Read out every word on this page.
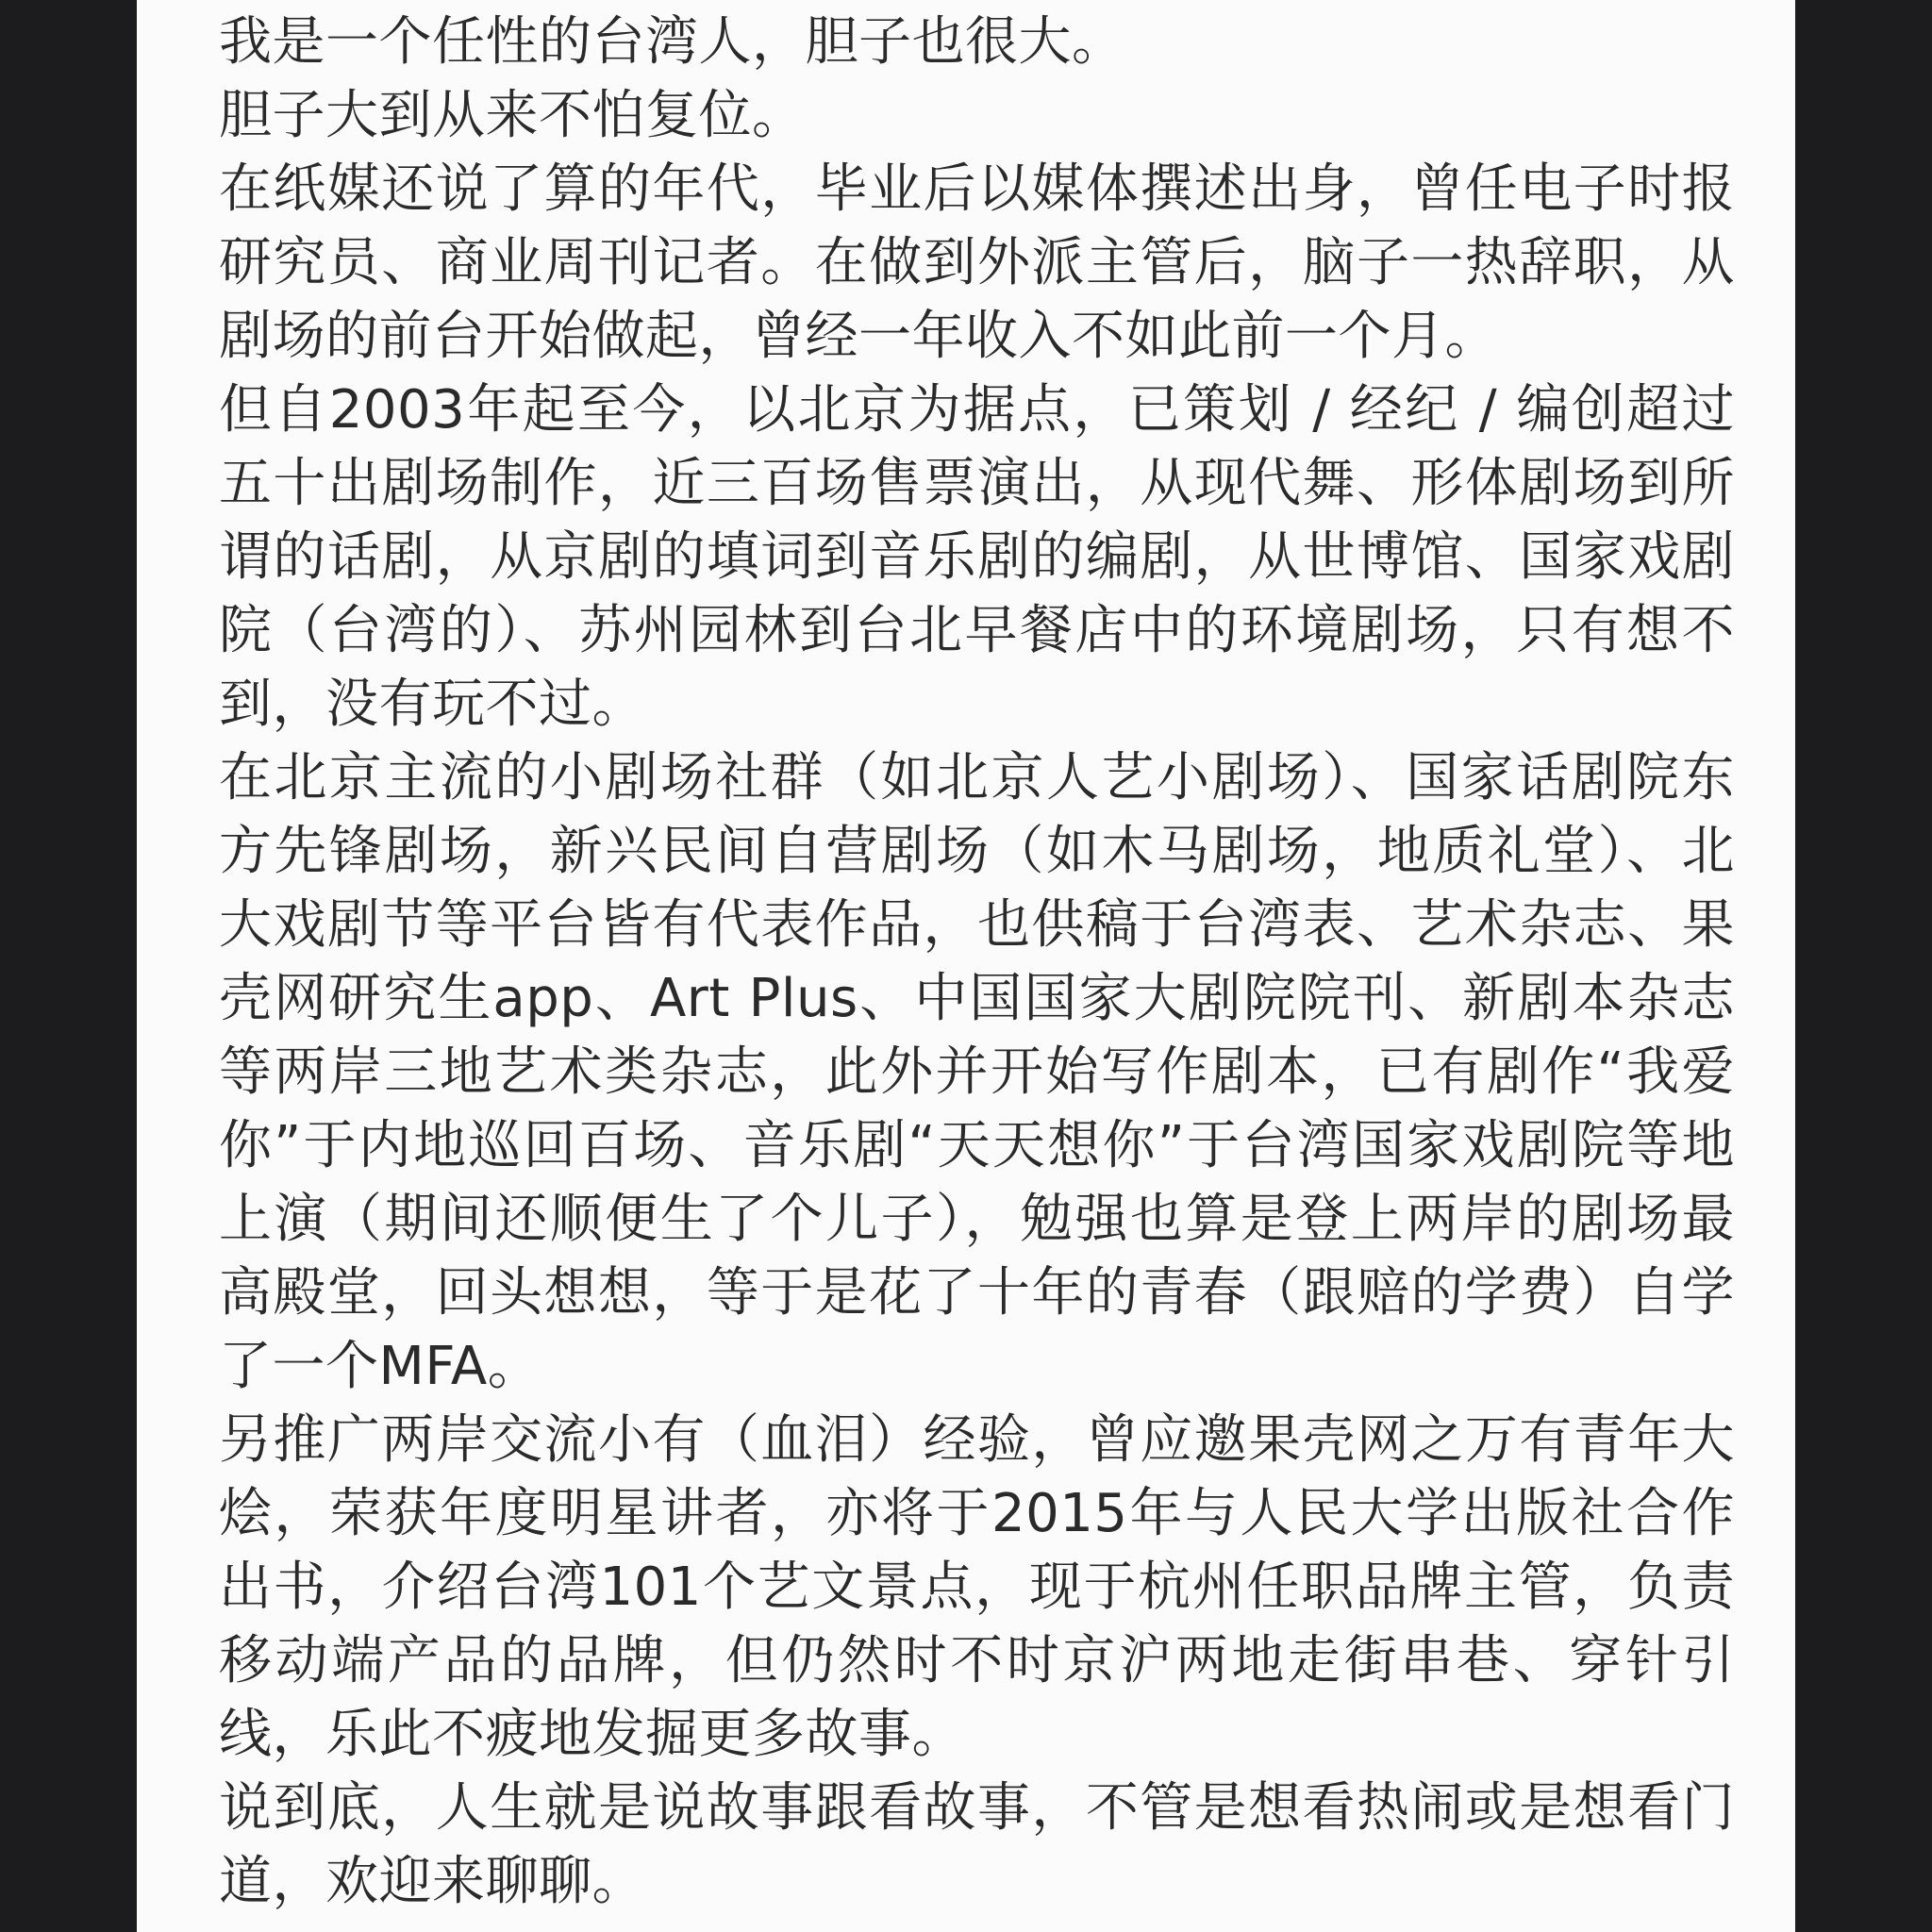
我是一个任性的台湾人，胆子也很大。

胆子大到从来不怕复位。

在纸媒还说了算的年代，毕业后以媒体撰述出身，曾任电子时报研究员、商业周刊记者。在做到外派主管后，脑子一热辞职，从剧场的前台开始做起，曾经一年收入不如此前一个月。

但自2003年起至今，以北京为据点，已策划 / 经纪 / 编创超过五十出剧场制作，近三百场售票演出，从现代舞、形体剧场到所谓的话剧，从京剧的填词到音乐剧的编剧，从世博馆、国家戏剧院（台湾的）、苏州园林到台北早餐店中的环境剧场，只有想不到，没有玩不过。

在北京主流的小剧场社群（如北京人艺小剧场）、国家话剧院东方先锋剧场，新兴民间自营剧场（如木马剧场，地质礼堂）、北大戏剧节等平台皆有代表作品，也供稿于台湾表、艺术杂志、果壳网研究生app、Art Plus、中国国家大剧院院刊、新剧本杂志等两岸三地艺术类杂志，此外并开始写作剧本，已有剧作“我爱你”于内地巡回百场、音乐剧“天天想你”于台湾国家戏剧院等地上演（期间还顺便生了个儿子），勉强也算是登上两岸的剧场最高殿堂，回头想想，等于是花了十年的青春（跟赔的学费）自学了一个MFA。

另推广两岸交流小有（血泪）经验，曾应邀果壳网之万有青年大烩，荣获年度明星讲者，亦将于2015年与人民大学出版社合作出书，介绍台湾101个艺文景点，现于杭州任职品牌主管，负责移动端产品的品牌，但仍然时不时京沪两地走街串巷、穿针引线，乐此不疲地发掘更多故事。

说到底，人生就是说故事跟看故事，不管是想看热闹或是想看门道，欢迎来聊聊。
